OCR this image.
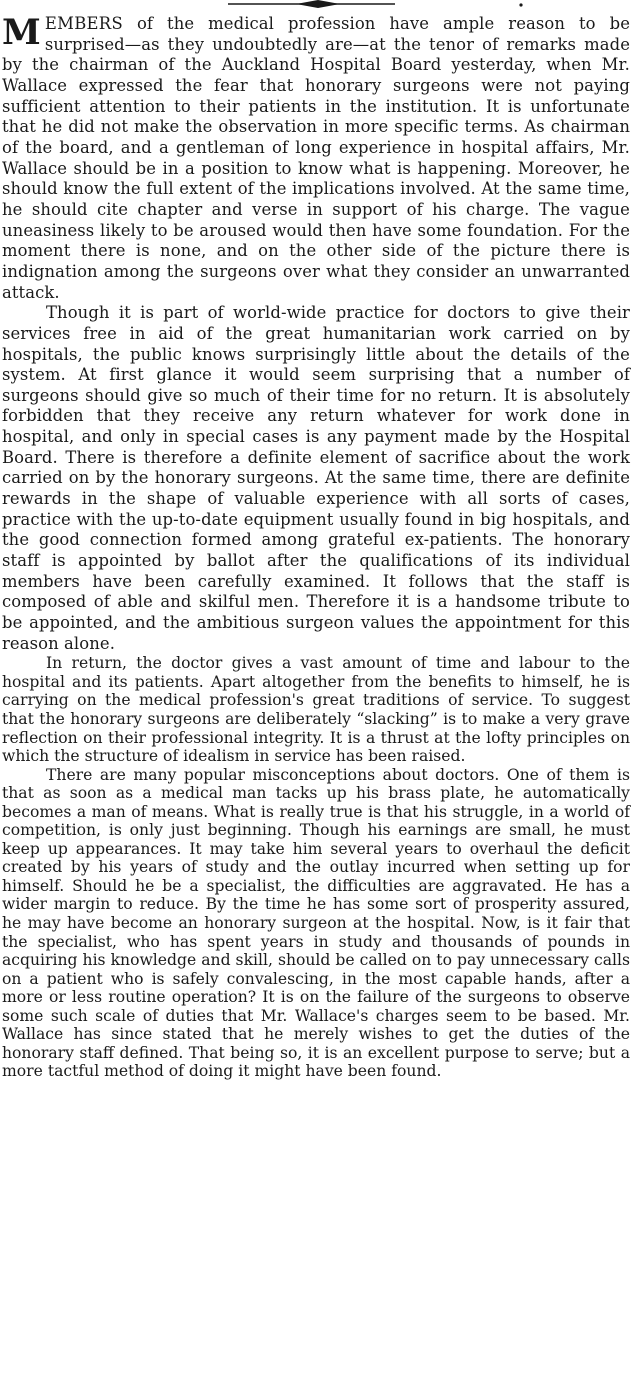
MEMBERS of the medical profession have ample reason to be surprised—as they undoubtedly are—at the tenor of remarks made by the chairman of the Auckland Hospital Board yesterday, when Mr. Wallace expressed the fear that honorary surgeons were not paying sufficient attention to their patients in the institution. It is unfortunate that he did not make the observation in more specific terms. As chairman of the board, and a gentleman of long experience in hospital affairs, Mr. Wallace should be in a position to know what is happening. Moreover, he should know the full extent of the implications involved. At the same time, he should cite chapter and verse in support of his charge. The vague uneasiness likely to be aroused would then have some foundation. For the moment there is none, and on the other side of the picture there is indignation among the surgeons over what they consider an unwarranted attack.

Though it is part of world-wide practice for doctors to give their services free in aid of the great humanitarian work carried on by hospitals, the public knows surprisingly little about the details of the system. At first glance it would seem surprising that a number of surgeons should give so much of their time for no return. It is absolutely forbidden that they receive any return whatever for work done in hospital, and only in special cases is any payment made by the Hospital Board. There is therefore a definite element of sacrifice about the work carried on by the honorary surgeons. At the same time, there are definite rewards in the shape of valuable experience with all sorts of cases, practice with the up-to-date equipment usually found in big hospitals, and the good connection formed among grateful ex-patients. The honorary staff is appointed by ballot after the qualifications of its individual members have been carefully examined. It follows that the staff is composed of able and skilful men. Therefore it is a handsome tribute to be appointed, and the ambitious surgeon values the appointment for this reason alone.

In return, the doctor gives a vast amount of time and labour to the hospital and its patients. Apart altogether from the benefits to himself, he is carrying on the medical profession's great traditions of service. To suggest that the honorary surgeons are deliberately “slacking” is to make a very grave reflection on their professional integrity. It is a thrust at the lofty principles on which the structure of idealism in service has been raised.

There are many popular misconceptions about doctors. One of them is that as soon as a medical man tacks up his brass plate, he automatically becomes a man of means. What is really true is that his struggle, in a world of competition, is only just beginning. Though his earnings are small, he must keep up appearances. It may take him several years to overhaul the deficit created by his years of study and the outlay incurred when setting up for himself. Should he be a specialist, the difficulties are aggravated. He has a wider margin to reduce. By the time he has some sort of prosperity assured, he may have become an honorary surgeon at the hospital. Now, is it fair that the specialist, who has spent years in study and thousands of pounds in acquiring his knowledge and skill, should be called on to pay unnecessary calls on a patient who is safely convalescing, in the most capable hands, after a more or less routine operation? It is on the failure of the surgeons to observe some such scale of duties that Mr. Wallace's charges seem to be based. Mr. Wallace has since stated that he merely wishes to get the duties of the honorary staff defined. That being so, it is an excellent purpose to serve; but a more tactful method of doing it might have been found.
